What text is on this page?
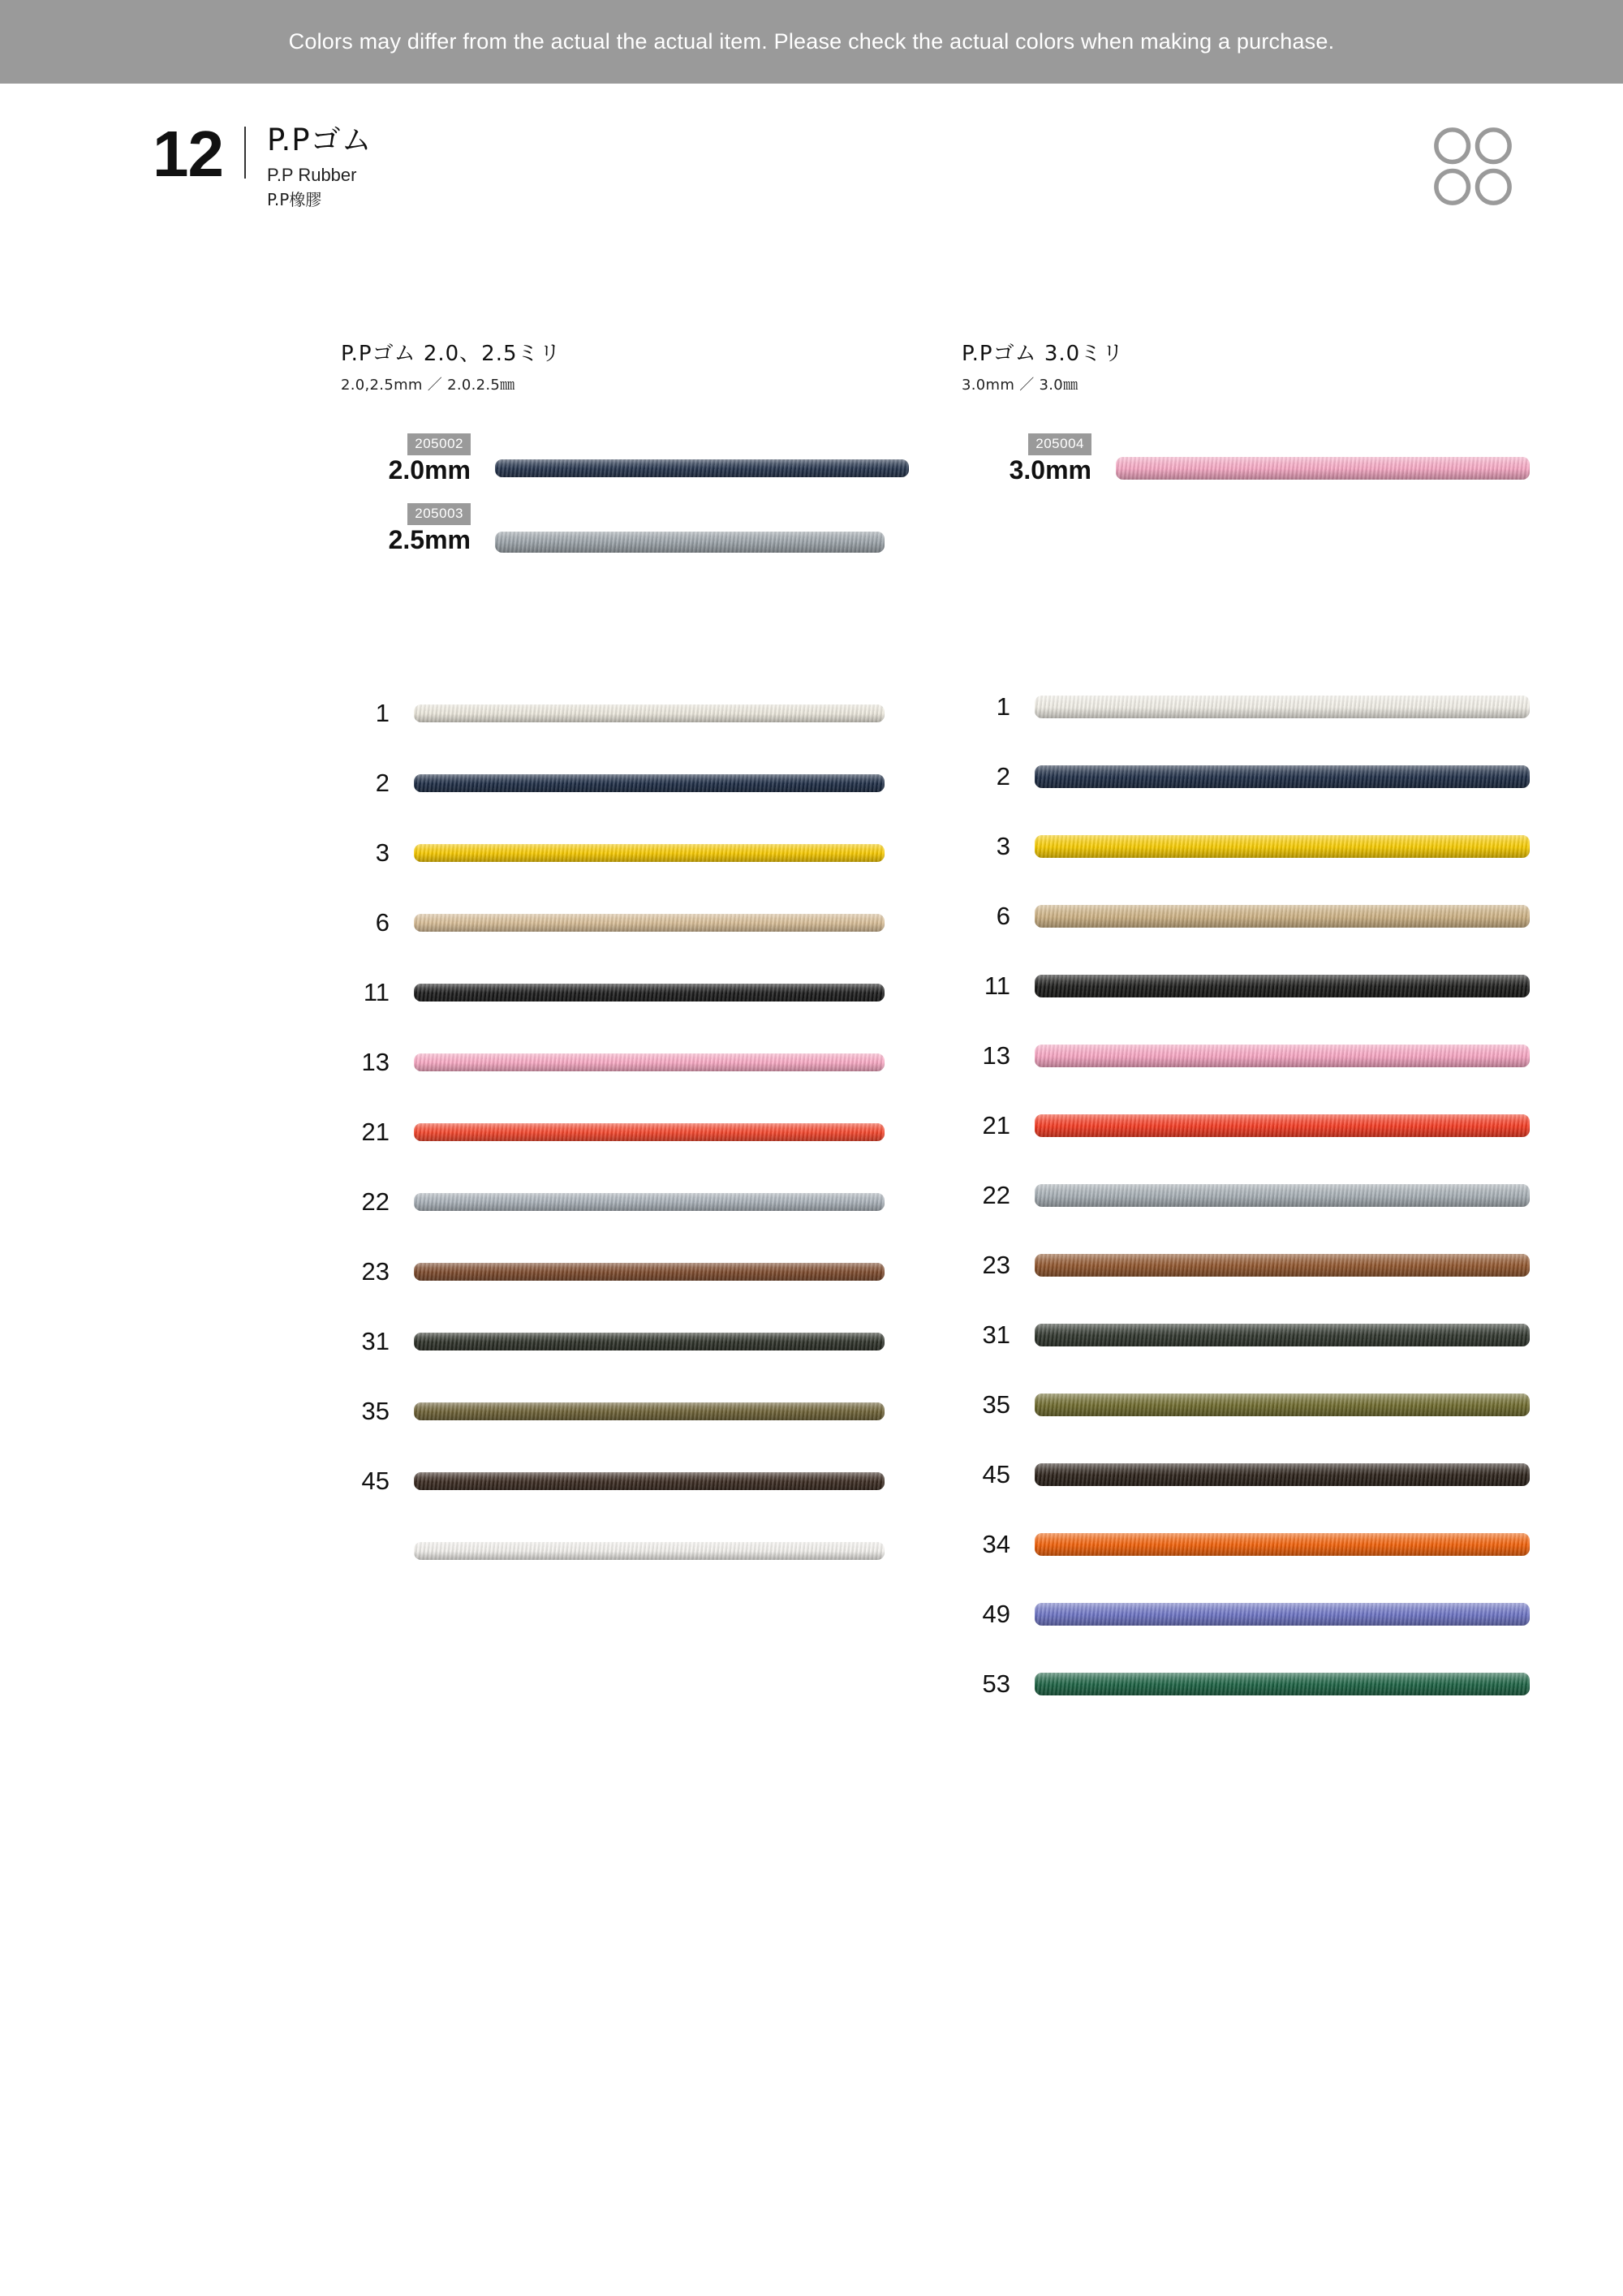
Colors may differ from the actual the actual item. Please check the actual colors when making a purchase.
12	P.Pゴム
P.P Rubber
P.P橡膠
P.Pゴム 2.0、2.5ミリ
2.0,2.5mm ／ 2.0.2.5㎜
205002
2.0mm
205003
2.5mm
1
2
3
6
11
13
21
22
23
31
35
45
P.Pゴム 3.0ミリ
3.0mm ／ 3.0㎜
205004
3.0mm
1
2
3
6
11
13
21
22
23
31
35
45
34
49
53
